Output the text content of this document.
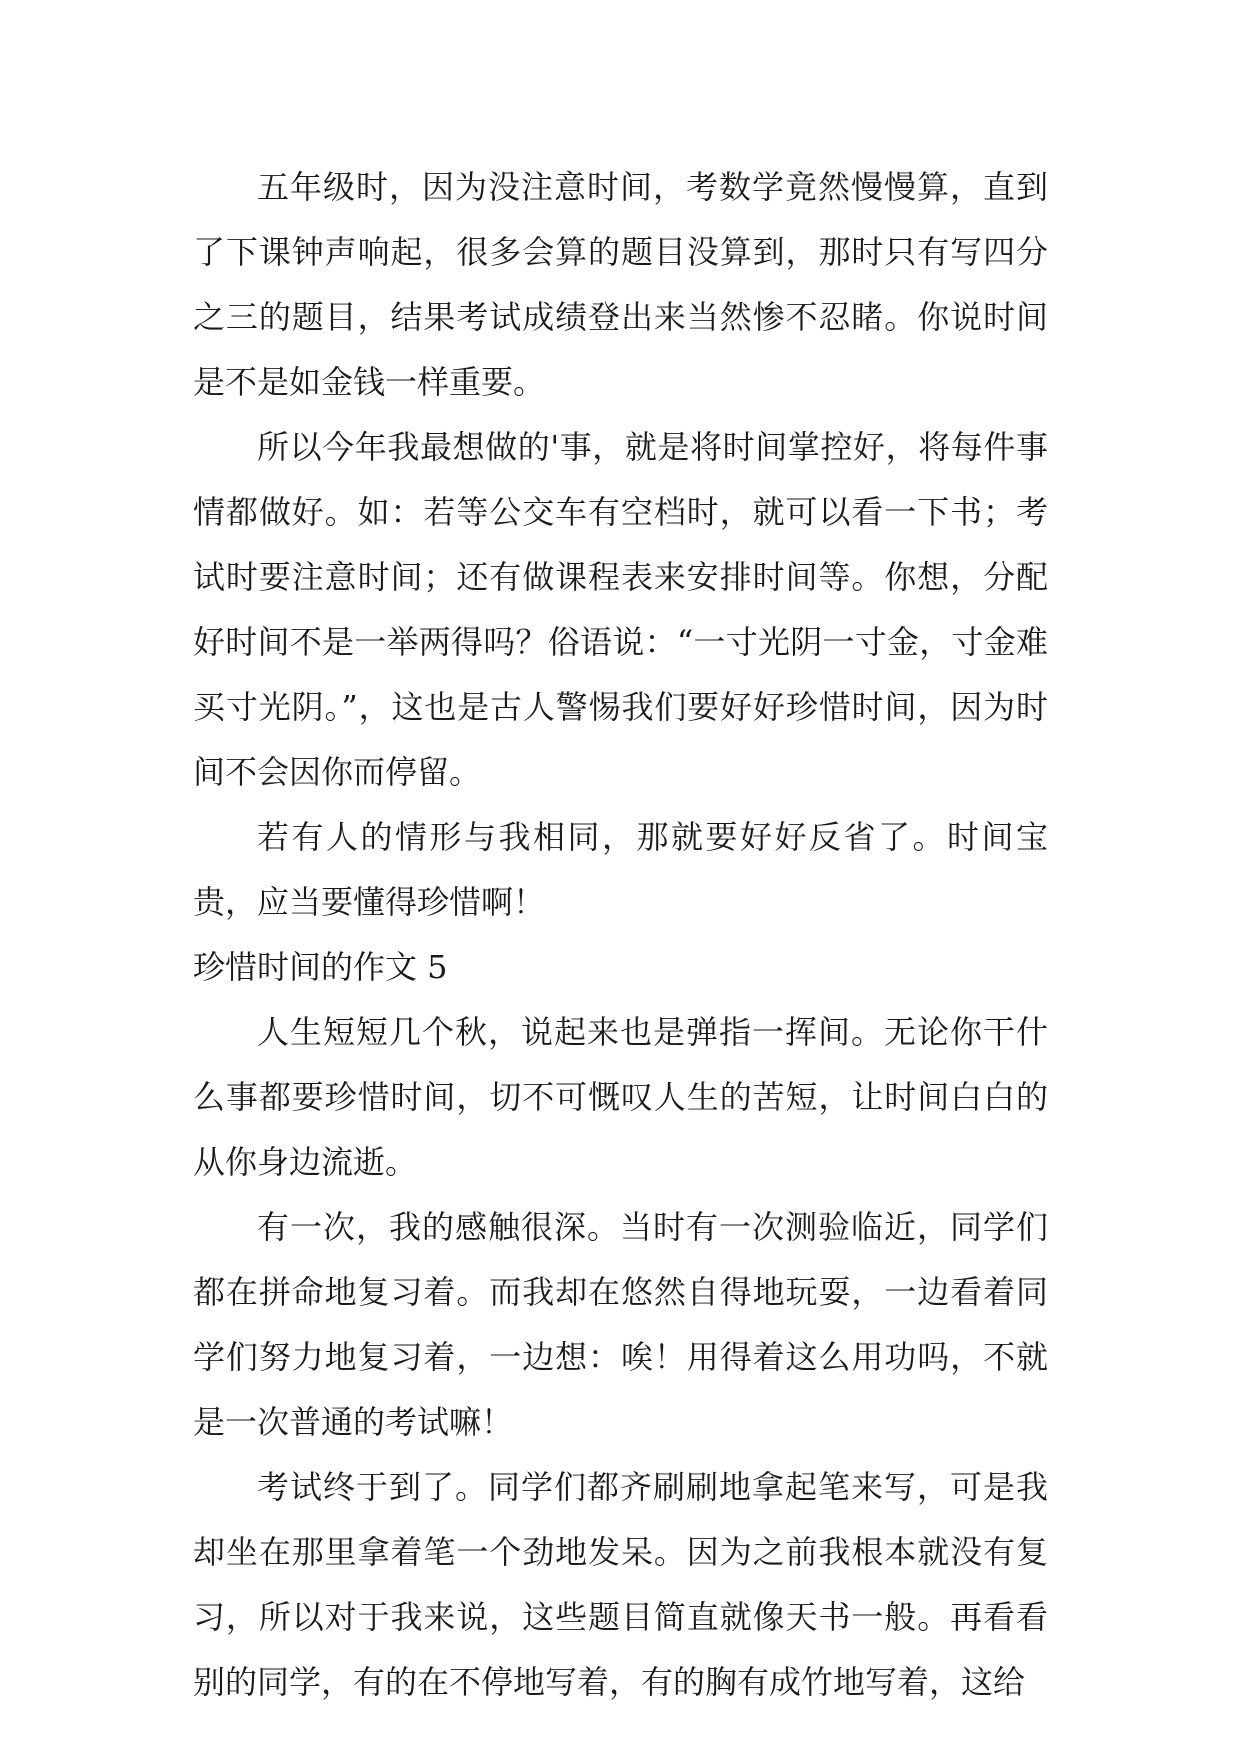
五年级时，因为没注意时间，考数学竟然慢慢算，直到了下课钟声响起，很多会算的题目没算到，那时只有写四分之三的题目，结果考试成绩登出来当然惨不忍睹。你说时间是不是如金钱一样重要。

所以今年我最想做的'事，就是将时间掌控好，将每件事情都做好。如：若等公交车有空档时，就可以看一下书；考试时要注意时间；还有做课程表来安排时间等。你想，分配好时间不是一举两得吗？俗语说：“一寸光阴一寸金，寸金难买寸光阴。”，这也是古人警惕我们要好好珍惜时间，因为时间不会因你而停留。

若有人的情形与我相同，那就要好好反省了。时间宝贵，应当要懂得珍惜啊！

珍惜时间的作文 5

人生短短几个秋，说起来也是弹指一挥间。无论你干什么事都要珍惜时间，切不可慨叹人生的苦短，让时间白白的从你身边流逝。

有一次，我的感触很深。当时有一次测验临近，同学们都在拼命地复习着。而我却在悠然自得地玩耍，一边看着同学们努力地复习着，一边想：唉！用得着这么用功吗，不就是一次普通的考试嘛！

考试终于到了。同学们都齐刷刷地拿起笔来写，可是我却坐在那里拿着笔一个劲地发呆。因为之前我根本就没有复习，所以对于我来说，这些题目简直就像天书一般。再看看别的同学，有的在不停地写着，有的胸有成竹地写着，这给
